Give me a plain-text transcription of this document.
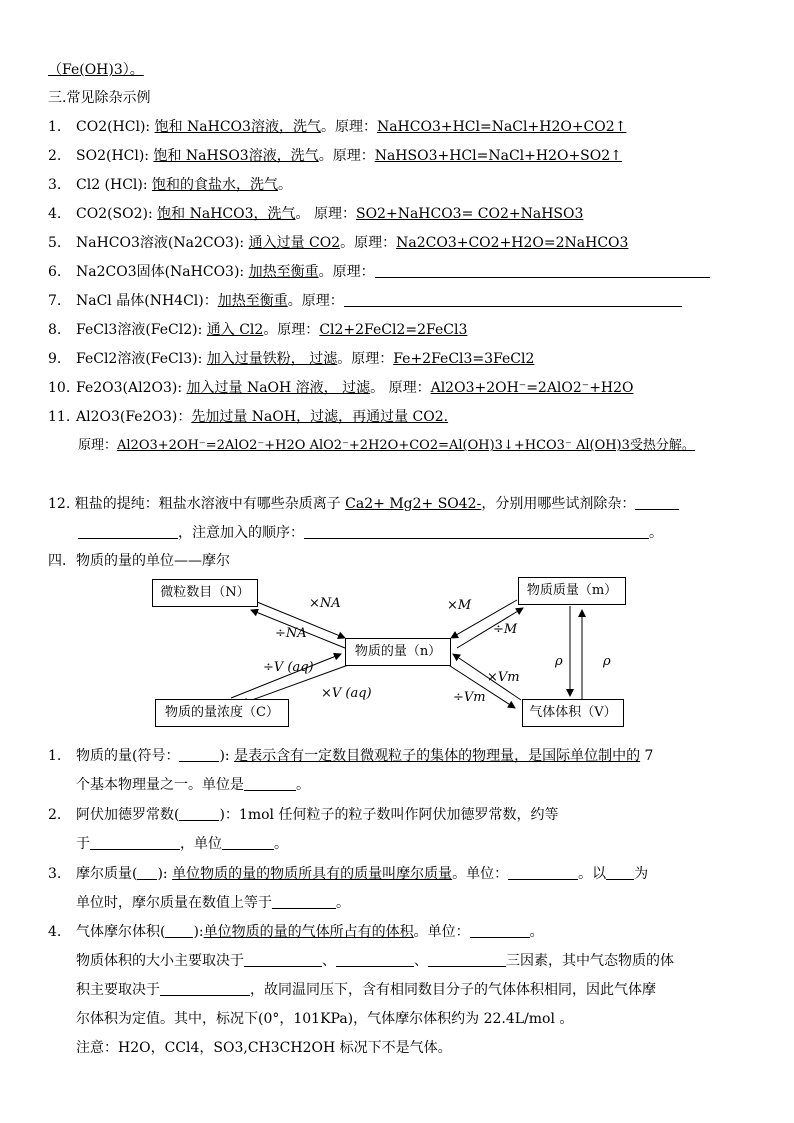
（Fe(OH)3）。
三.常见除杂示例
1. CO2(HCl): 饱和 NaHCO3溶液，洗气。原理：NaHCO3+HCl=NaCl+H2O+CO2↑
2. SO2(HCl): 饱和 NaHSO3溶液，洗气。原理：NaHSO3+HCl=NaCl+H2O+SO2↑
3. Cl2 (HCl): 饱和的食盐水，洗气。
4. CO2(SO2): 饱和 NaHCO3，洗气。 原理：SO2+NaHCO3= CO2+NaHSO3
5. NaHCO3溶液(Na2CO3): 通入过量 CO2。原理：Na2CO3+CO2+H2O=2NaHCO3
6. Na2CO3固体(NaHCO3): 加热至衡重。原理：
7. NaCl 晶体(NH4Cl)：加热至衡重。原理：
8. FeCl3溶液(FeCl2): 通入 Cl2。原理：Cl2+2FeCl2=2FeCl3
9. FeCl2溶液(FeCl3): 加入过量铁粉， 过滤。原理：Fe+2FeCl3=3FeCl2
10. Fe2O3(Al2O3): 加入过量 NaOH 溶液， 过滤。 原理：Al2O3+2OH⁻=2AlO2⁻+H2O
11. Al2O3(Fe2O3)：先加过量 NaOH，过滤，再通过量 CO2.
原理：Al2O3+2OH⁻=2AlO2⁻+H2O AlO2⁻+2H2O+CO2=Al(OH)3↓+HCO3⁻ Al(OH)3受热分解。
12. 粗盐的提纯：粗盐水溶液中有哪些杂质离子 Ca2+ Mg2+ SO42-，分别用哪些试剂除杂：
，注意加入的顺序：	。
四．物质的量的单位——摩尔
微粒数目（N）	物质质量（m）
物质的量（n）
物质的量浓度（C）	气体体积（V）
×NA
÷NA
×M
÷M
÷V (aq)
×V (aq)
×Vm
÷Vm
ρ	ρ
1. 物质的量(符号：	): 是表示含有一定数目微观粒子的集体的物理量，是国际单位制中的 7
个基本物理量之一。单位是	。
2. 阿伏加德罗常数(	)：1mol 任何粒子的粒子数叫作阿伏加德罗常数，约等
于	，单位	。
3. 摩尔质量( ): 单位物质的量的物质所具有的质量叫摩尔质量。单位：	。以 为
单位时，摩尔质量在数值上等于	。
4. 气体摩尔体积( ):单位物质的量的气体所占有的体积。单位：	。
物质体积的大小主要取决于	、	、	三因素，其中气态物质的体
积主要取决于	，故同温同压下，含有相同数目分子的气体体积相同，因此气体摩
尔体积为定值。其中，标况下(0°，101KPa)，气体摩尔体积约为 22.4L/mol 。
注意：H2O，CCl4，SO3,CH3CH2OH 标况下不是气体。
